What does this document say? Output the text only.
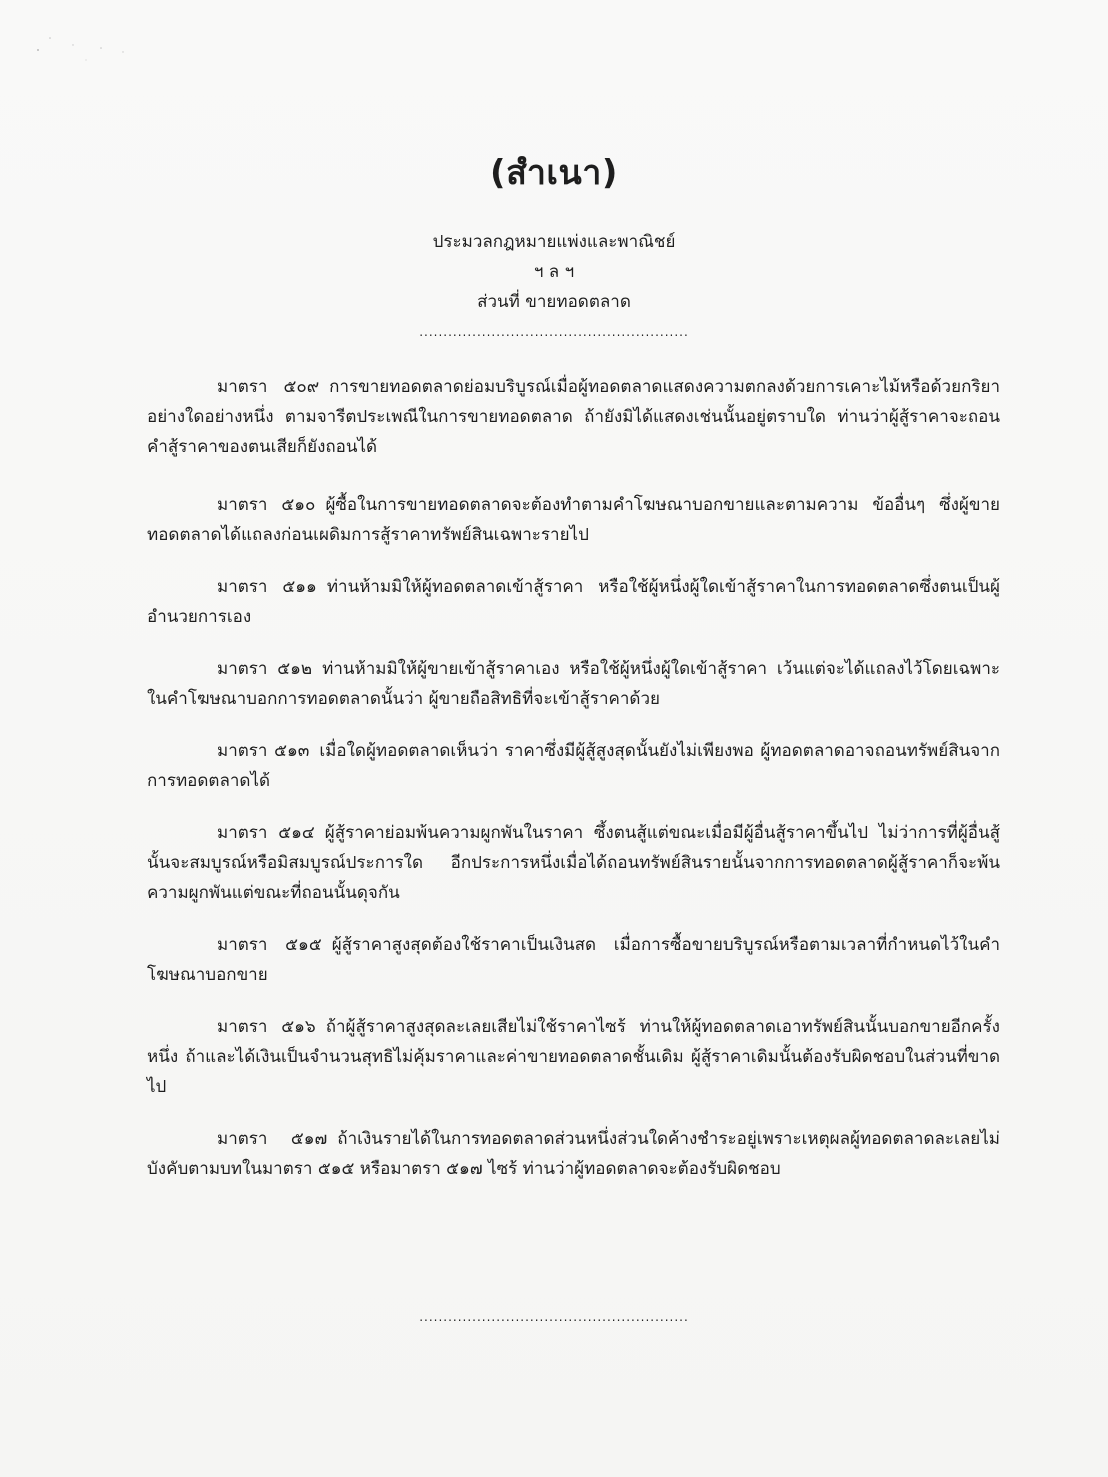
(สำเนา)
ประมวลกฎหมายแพ่งและพาณิชย์
ฯ ล ฯ
ส่วนที่ ขายทอดตลาด
........................................................

มาตรา ๕๐๙ การขายทอดตลาดย่อมบริบูรณ์เมื่อผู้ทอดตลาดแสดงความตกลงด้วยการเคาะไม้หรือด้วยกริยาอย่างใดอย่างหนึ่ง ตามจารีตประเพณีในการขายทอดตลาด ถ้ายังมิได้แสดงเช่นนั้นอยู่ตราบใด ท่านว่าผู้สู้ราคาจะถอนคำสู้ราคาของตนเสียก็ยังถอนได้

มาตรา ๕๑๐ ผู้ซื้อในการขายทอดตลาดจะต้องทำตามคำโฆษณาบอกขายและตามความ ข้ออื่นๆ ซึ่งผู้ขายทอดตลาดได้แถลงก่อนเผดิมการสู้ราคาทรัพย์สินเฉพาะรายไป

มาตรา ๕๑๑ ท่านห้ามมิให้ผู้ทอดตลาดเข้าสู้ราคา หรือใช้ผู้หนึ่งผู้ใดเข้าสู้ราคาในการทอดตลาดซึ่งตนเป็นผู้อำนวยการเอง

มาตรา ๕๑๒ ท่านห้ามมิให้ผู้ขายเข้าสู้ราคาเอง หรือใช้ผู้หนึ่งผู้ใดเข้าสู้ราคา เว้นแต่จะได้แถลงไว้โดยเฉพาะในคำโฆษณาบอกการทอดตลาดนั้นว่า ผู้ขายถือสิทธิที่จะเข้าสู้ราคาด้วย

มาตรา ๕๑๓ เมื่อใดผู้ทอดตลาดเห็นว่า ราคาซึ่งมีผู้สู้สูงสุดนั้นยังไม่เพียงพอ ผู้ทอดตลาดอาจถอนทรัพย์สินจากการทอดตลาดได้

มาตรา ๕๑๔ ผู้สู้ราคาย่อมพ้นความผูกพันในราคา ซึ้งตนสู้แต่ขณะเมื่อมีผู้อื่นสู้ราคาขึ้นไป ไม่ว่าการที่ผู้อื่นสู้นั้นจะสมบูรณ์หรือมิสมบูรณ์ประการใด อีกประการหนึ่งเมื่อได้ถอนทรัพย์สินรายนั้นจากการทอดตลาดผู้สู้ราคาก็จะพ้นความผูกพันแต่ขณะที่ถอนนั้นดุจกัน

มาตรา ๕๑๕ ผู้สู้ราคาสูงสุดต้องใช้ราคาเป็นเงินสด เมื่อการซื้อขายบริบูรณ์หรือตามเวลาที่กำหนดไว้ในคำโฆษณาบอกขาย

มาตรา ๕๑๖ ถ้าผู้สู้ราคาสูงสุดละเลยเสียไม่ใช้ราคาไซร้ ท่านให้ผู้ทอดตลาดเอาทรัพย์สินนั้นบอกขายอีกครั้งหนึ่ง ถ้าและได้เงินเป็นจำนวนสุทธิไม่คุ้มราคาและค่าขายทอดตลาดชั้นเดิม ผู้สู้ราคาเดิมนั้นต้องรับผิดชอบในส่วนที่ขาดไป

มาตรา ๕๑๗ ถ้าเงินรายได้ในการทอดตลาดส่วนหนึ่งส่วนใดค้างชำระอยู่เพราะเหตุผลผู้ทอดตลาดละเลยไม่บังคับตามบทในมาตรา ๕๑๕ หรือมาตรา ๕๑๗ ไซร้ ท่านว่าผู้ทอดตลาดจะต้องรับผิดชอบ

........................................................
